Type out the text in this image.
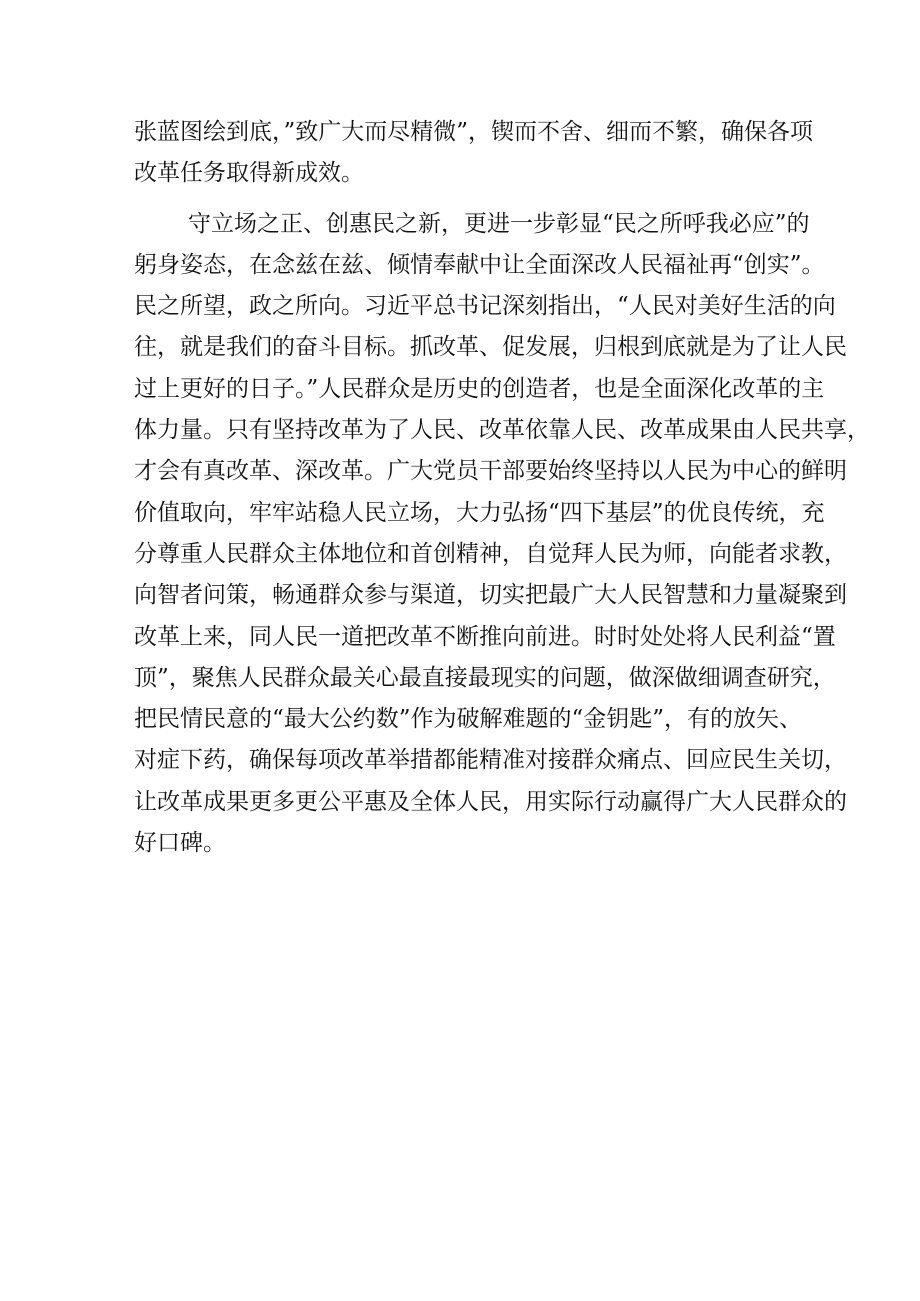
张蓝图绘到底，”致广大而尽精微”，锲而不舍、细而不繁，确保各项
改革任务取得新成效。
守立场之正、创惠民之新，更进一步彰显“民之所呼我必应”的
躬身姿态，在念兹在兹、倾情奉献中让全面深改人民福祉再“创实”。
民之所望，政之所向。习近平总书记深刻指出，“人民对美好生活的向
往，就是我们的奋斗目标。抓改革、促发展，归根到底就是为了让人民
过上更好的日子。”人民群众是历史的创造者，也是全面深化改革的主
体力量。只有坚持改革为了人民、改革依靠人民、改革成果由人民共享，
才会有真改革、深改革。广大党员干部要始终坚持以人民为中心的鲜明
价值取向，牢牢站稳人民立场，大力弘扬“四下基层”的优良传统，充
分尊重人民群众主体地位和首创精神，自觉拜人民为师，向能者求教，
向智者问策，畅通群众参与渠道，切实把最广大人民智慧和力量凝聚到
改革上来，同人民一道把改革不断推向前进。时时处处将人民利益“置
顶”，聚焦人民群众最关心最直接最现实的问题，做深做细调查研究，
把民情民意的“最大公约数”作为破解难题的“金钥匙”，有的放矢、
对症下药，确保每项改革举措都能精准对接群众痛点、回应民生关切，
让改革成果更多更公平惠及全体人民，用实际行动赢得广大人民群众的
好口碑。
